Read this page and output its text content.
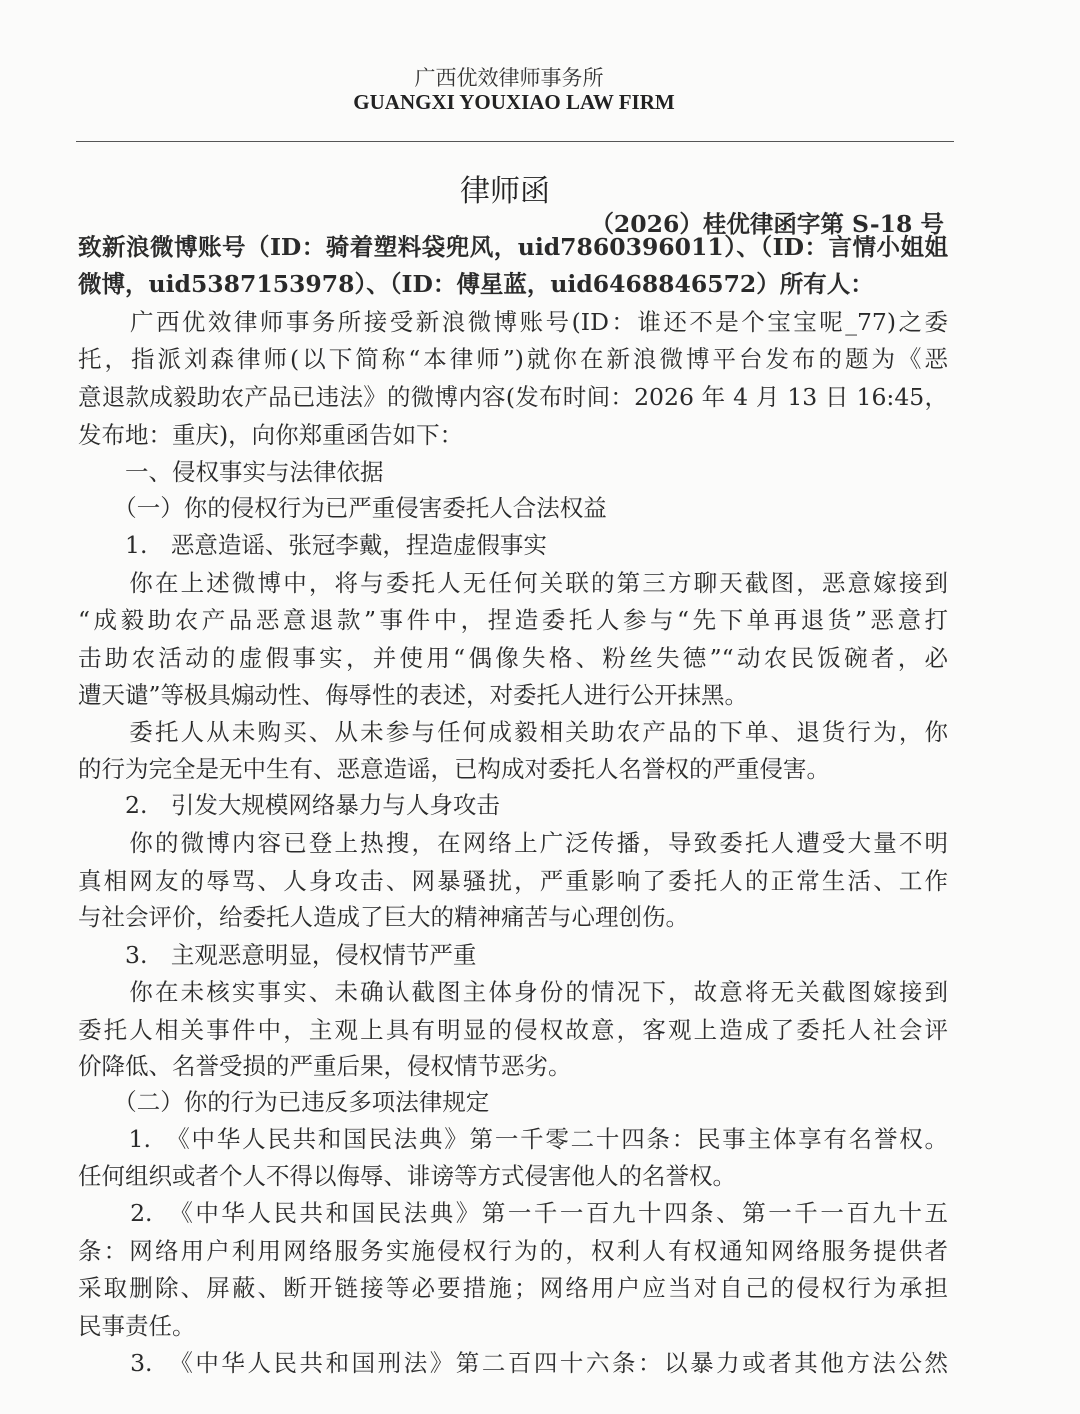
广西优效律师事务所
GUANGXI YOUXIAO LAW FIRM
律师函
（2026）桂优律函字第 S-18 号
致新浪微博账号（ID：骑着塑料袋兜风，uid7860396011）、（ID：言情小姐姐
微博，uid5387153978）、（ID：傅星蓝，uid6468846572）所有人：
　　广西优效律师事务所接受新浪微博账号(ID：谁还不是个宝宝呢_77)之委
托，指派刘森律师(以下简称“本律师”)就你在新浪微博平台发布的题为《恶
意退款成毅助农产品已违法》的微博内容(发布时间：2026 年 4 月 13 日 16:45，
发布地：重庆)，向你郑重函告如下：
　　一、侵权事实与法律依据
　　（一）你的侵权行为已严重侵害委托人合法权益
　　1.　恶意造谣、张冠李戴，捏造虚假事实
　　你在上述微博中，将与委托人无任何关联的第三方聊天截图，恶意嫁接到
“成毅助农产品恶意退款”事件中，捏造委托人参与“先下单再退货”恶意打
击助农活动的虚假事实，并使用“偶像失格、粉丝失德”“动农民饭碗者，必
遭天谴”等极具煽动性、侮辱性的表述，对委托人进行公开抹黑。
　　委托人从未购买、从未参与任何成毅相关助农产品的下单、退货行为，你
的行为完全是无中生有、恶意造谣，已构成对委托人名誉权的严重侵害。
　　2.　引发大规模网络暴力与人身攻击
　　你的微博内容已登上热搜，在网络上广泛传播，导致委托人遭受大量不明
真相网友的辱骂、人身攻击、网暴骚扰，严重影响了委托人的正常生活、工作
与社会评价，给委托人造成了巨大的精神痛苦与心理创伤。
　　3.　主观恶意明显，侵权情节严重
　　你在未核实事实、未确认截图主体身份的情况下，故意将无关截图嫁接到
委托人相关事件中，主观上具有明显的侵权故意，客观上造成了委托人社会评
价降低、名誉受损的严重后果，侵权情节恶劣。
　　（二）你的行为已违反多项法律规定
　　1.　《中华人民共和国民法典》第一千零二十四条：民事主体享有名誉权。
任何组织或者个人不得以侮辱、诽谤等方式侵害他人的名誉权。
　　2.　《中华人民共和国民法典》第一千一百九十四条、第一千一百九十五
条：网络用户利用网络服务实施侵权行为的，权利人有权通知网络服务提供者
采取删除、屏蔽、断开链接等必要措施；网络用户应当对自己的侵权行为承担
民事责任。
　　3.　《中华人民共和国刑法》第二百四十六条：以暴力或者其他方法公然
